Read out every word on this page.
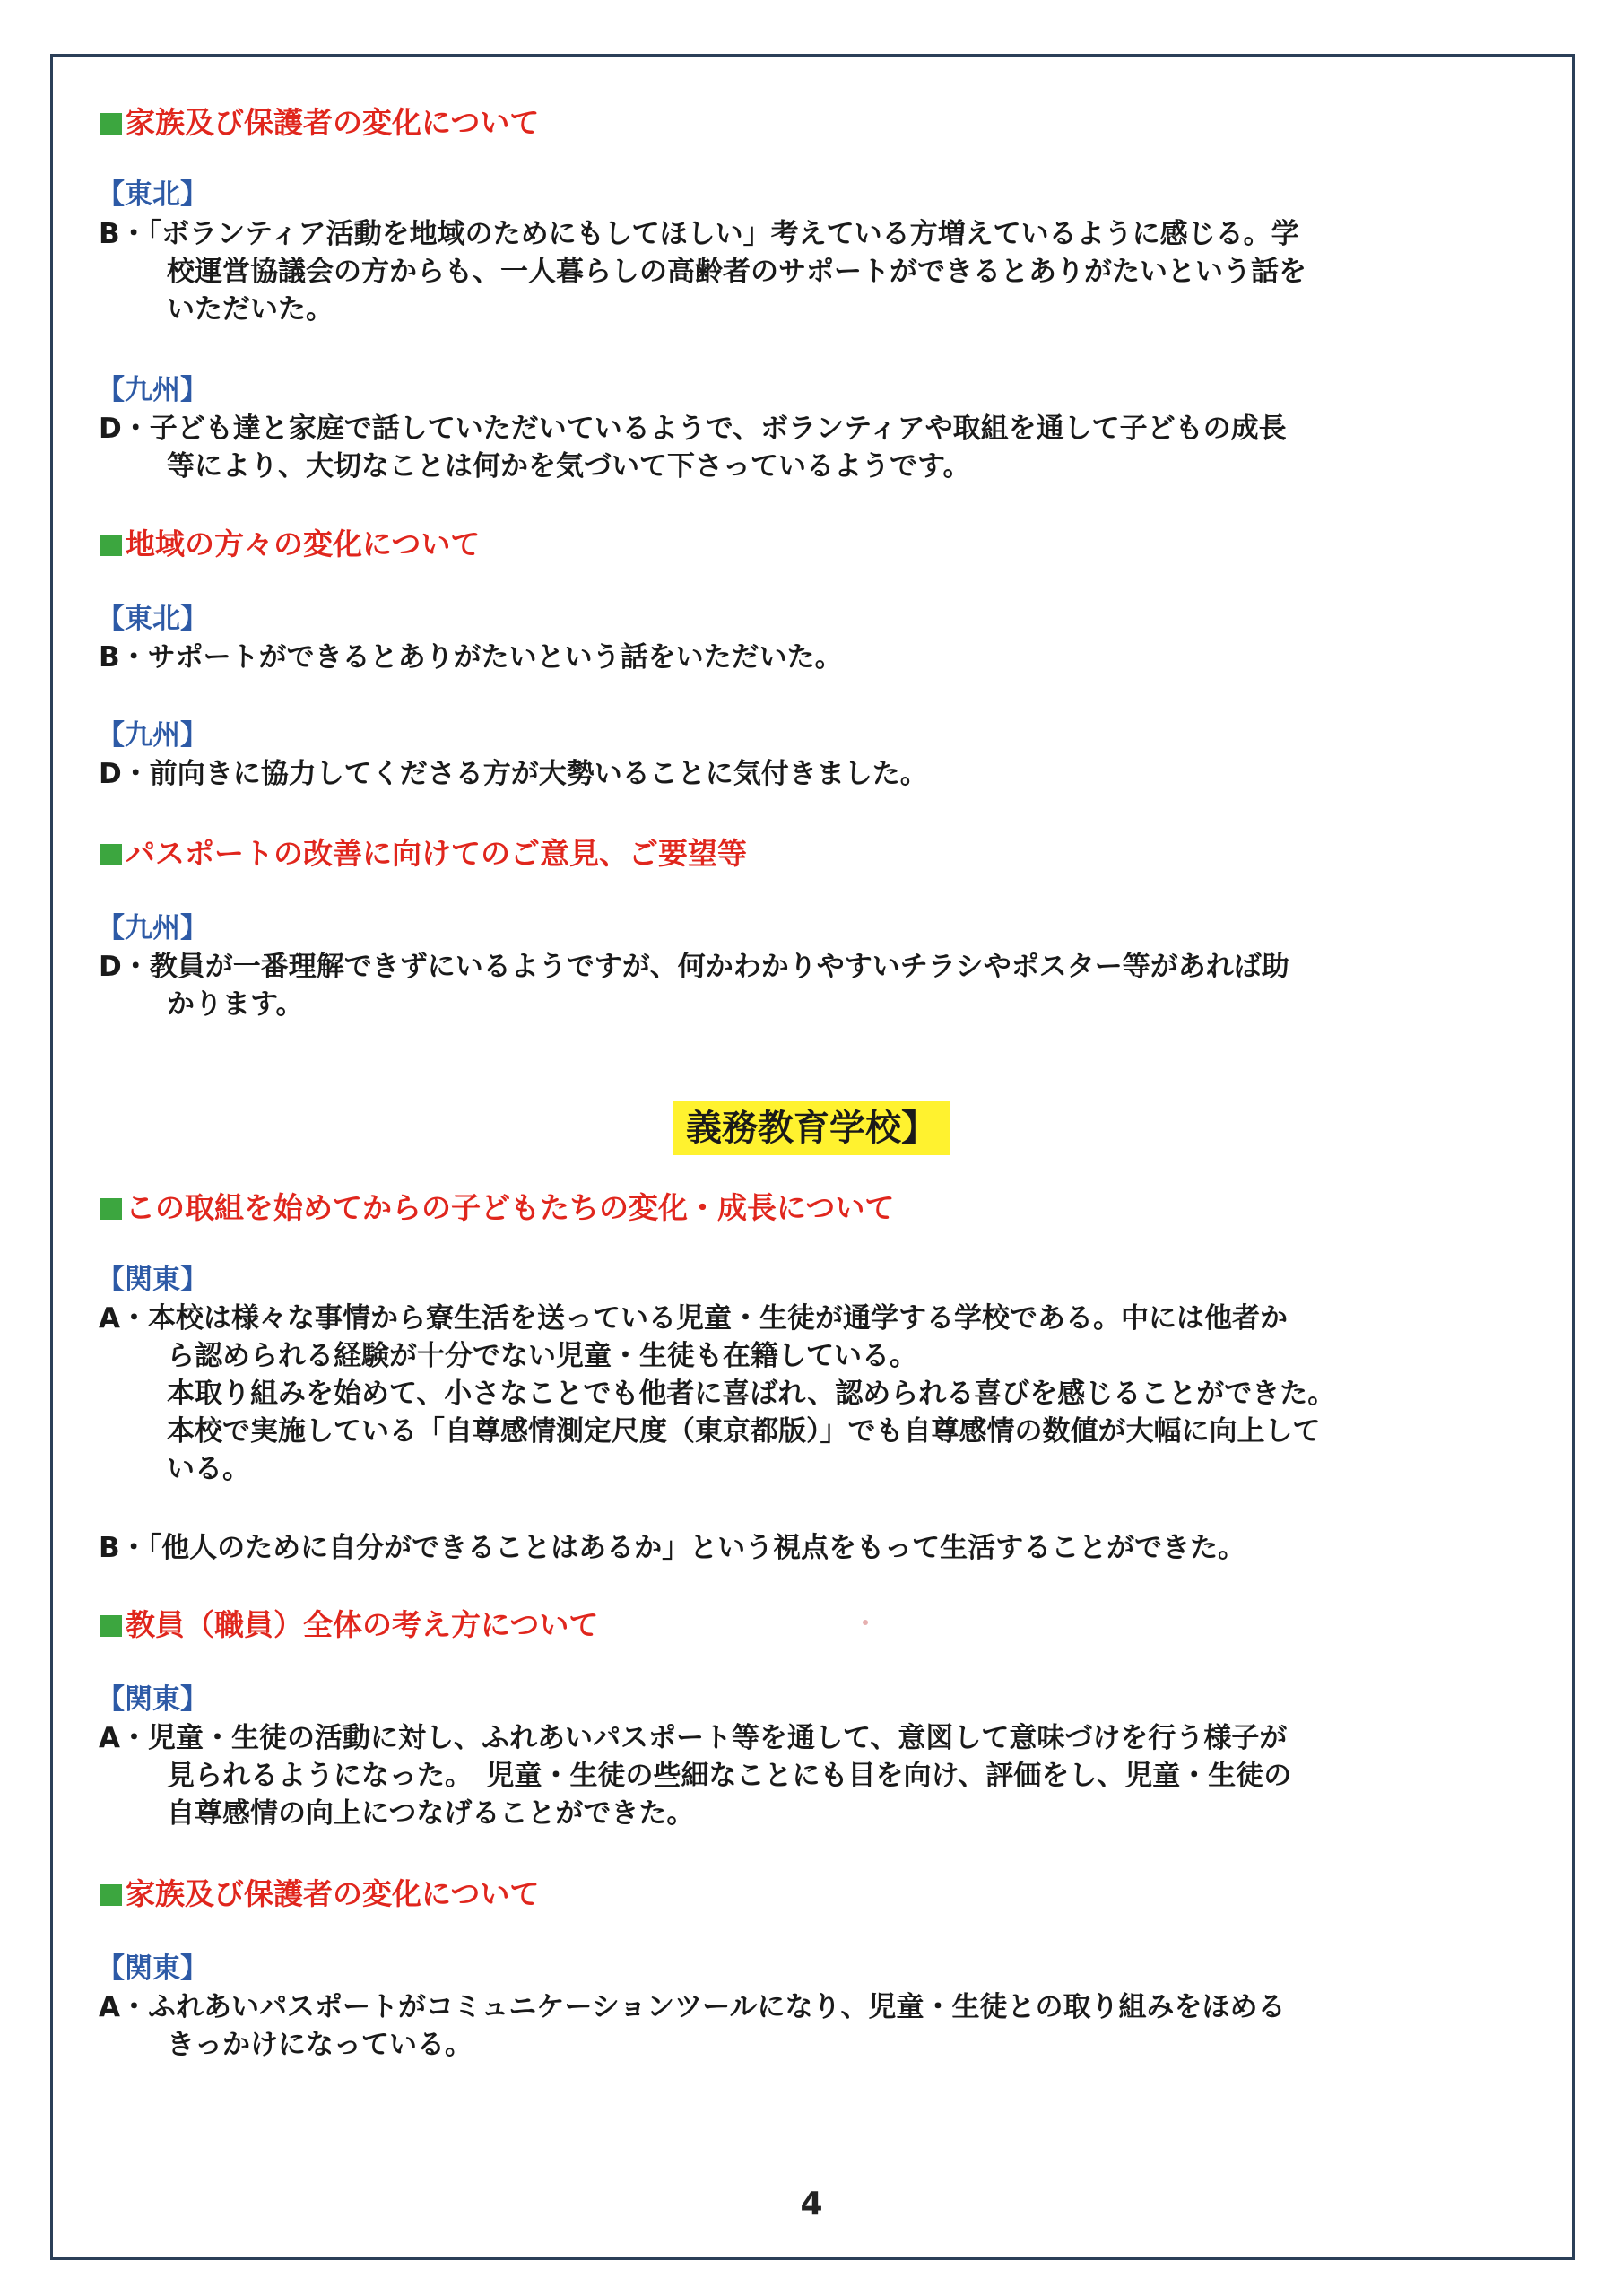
家族及び保護者の変化について
【東北】
B・「ボランティア活動を地域のためにもしてほしい」考えている方増えているように感じる。学
校運営協議会の方からも、一人暮らしの高齢者のサポートができるとありがたいという話を
いただいた。
【九州】
D・子ども達と家庭で話していただいているようで、ボランティアや取組を通して子どもの成長
等により、大切なことは何かを気づいて下さっているようです。
地域の方々の変化について
【東北】
B・サポートができるとありがたいという話をいただいた。
【九州】
D・前向きに協力してくださる方が大勢いることに気付きました。
パスポートの改善に向けてのご意見、ご要望等
【九州】
D・教員が一番理解できずにいるようですが、何かわかりやすいチラシやポスター等があれば助
かります。
義務教育学校】
この取組を始めてからの子どもたちの変化・成長について
【関東】
A・本校は様々な事情から寮生活を送っている児童・生徒が通学する学校である。中には他者か
ら認められる経験が十分でない児童・生徒も在籍している。
本取り組みを始めて、小さなことでも他者に喜ばれ、認められる喜びを感じることができた。
本校で実施している「自尊感情測定尺度（東京都版）」でも自尊感情の数値が大幅に向上して
いる。
B・「他人のために自分ができることはあるか」という視点をもって生活することができた。
教員（職員）全体の考え方について
【関東】
A・児童・生徒の活動に対し、ふれあいパスポート等を通して、意図して意味づけを行う様子が
見られるようになった。　児童・生徒の些細なことにも目を向け、評価をし、児童・生徒の
自尊感情の向上につなげることができた。
家族及び保護者の変化について
【関東】
A・ふれあいパスポートがコミュニケーションツールになり、児童・生徒との取り組みをほめる
きっかけになっている。
4
